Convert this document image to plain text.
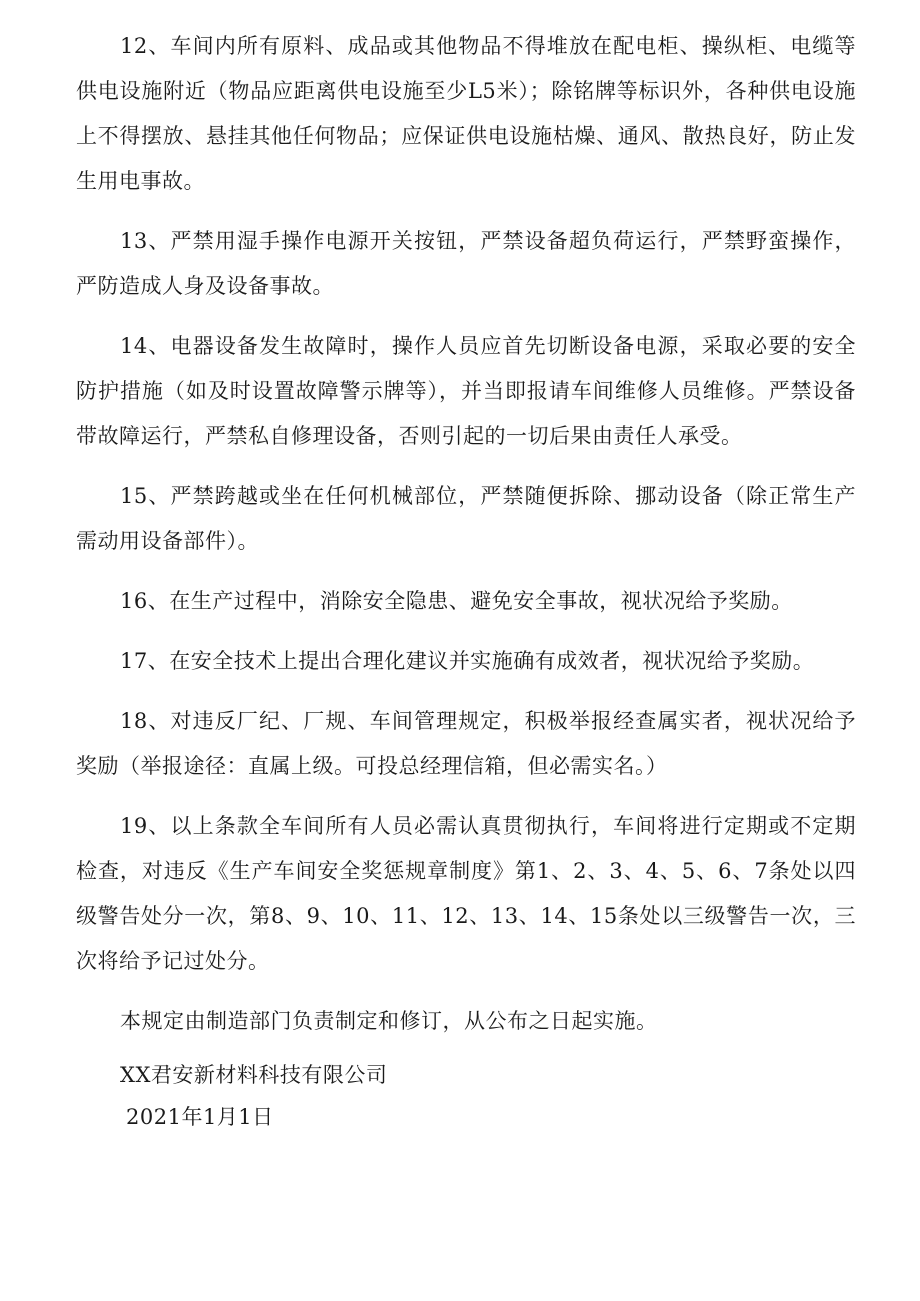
12、车间内所有原料、成品或其他物品不得堆放在配电柜、操纵柜、电缆等供电设施附近（物品应距离供电设施至少L5米）；除铭牌等标识外，各种供电设施上不得摆放、悬挂其他任何物品；应保证供电设施枯燥、通风、散热良好，防止发生用电事故。

13、严禁用湿手操作电源开关按钮，严禁设备超负荷运行，严禁野蛮操作，严防造成人身及设备事故。

14、电器设备发生故障时，操作人员应首先切断设备电源，采取必要的安全防护措施（如及时设置故障警示牌等），并当即报请车间维修人员维修。严禁设备带故障运行，严禁私自修理设备，否则引起的一切后果由责任人承受。

15、严禁跨越或坐在任何机械部位，严禁随便拆除、挪动设备（除正常生产需动用设备部件）。

16、在生产过程中，消除安全隐患、避免安全事故，视状况给予奖励。

17、在安全技术上提出合理化建议并实施确有成效者，视状况给予奖励。

18、对违反厂纪、厂规、车间管理规定，积极举报经查属实者，视状况给予奖励（举报途径：直属上级。可投总经理信箱，但必需实名。）

19、以上条款全车间所有人员必需认真贯彻执行，车间将进行定期或不定期检查，对违反《生产车间安全奖惩规章制度》第1、2、3、4、5、6、7条处以四级警告处分一次，第8、9、10、11、12、13、14、15条处以三级警告一次，三次将给予记过处分。

本规定由制造部门负责制定和修订，从公布之日起实施。

XX君安新材料科技有限公司
2021年1月1日
